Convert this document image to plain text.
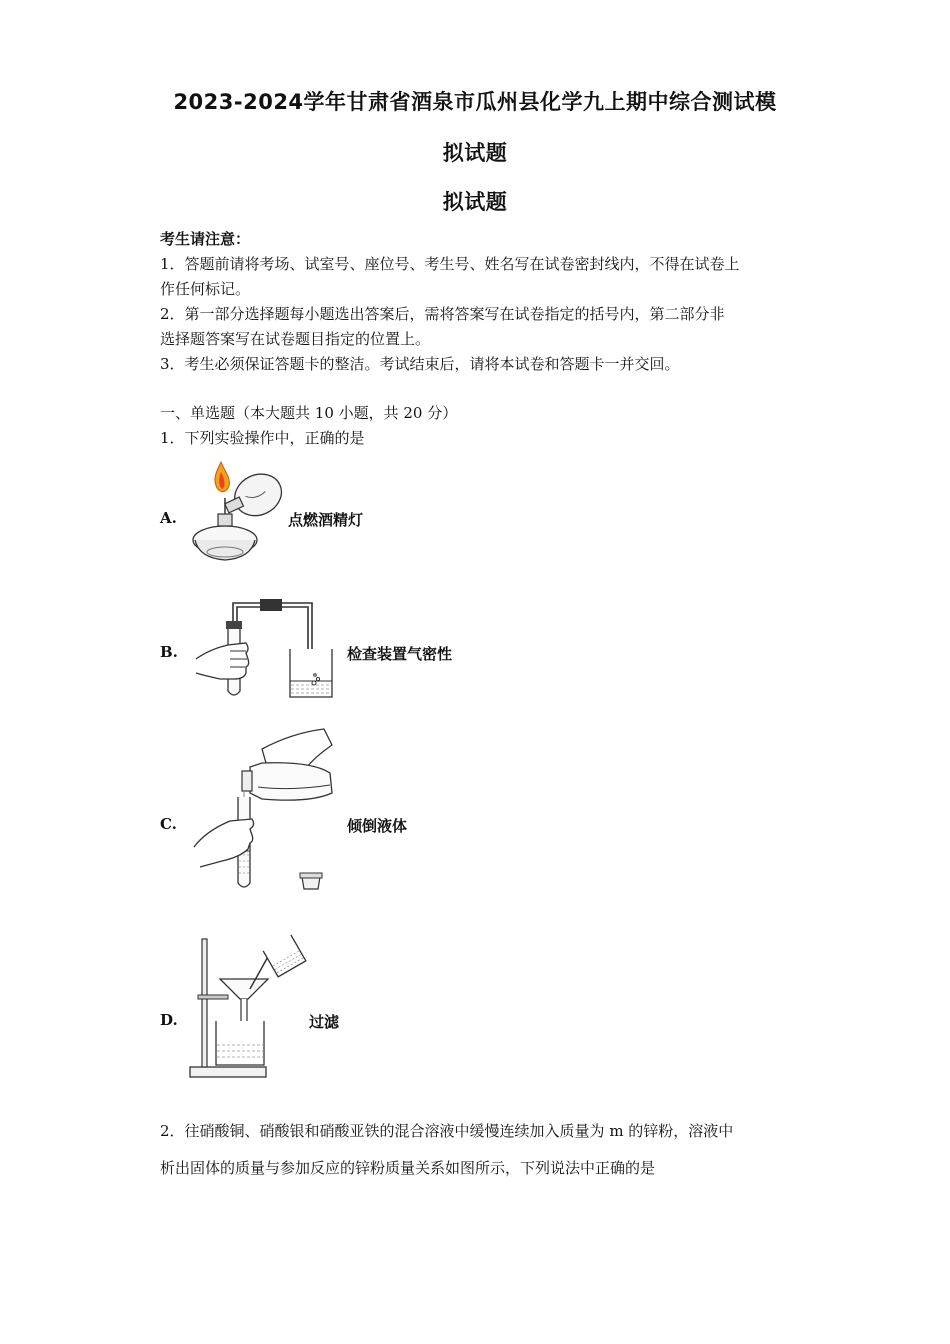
2023-2024学年甘肃省酒泉市瓜州县化学九上期中综合测试模
拟试题
拟试题
考生请注意：
1．答题前请将考场、试室号、座位号、考生号、姓名写在试卷密封线内，不得在试卷上
作任何标记。
2．第一部分选择题每小题选出答案后，需将答案写在试卷指定的括号内，第二部分非
选择题答案写在试卷题目指定的位置上。
3．考生必须保证答题卡的整洁。考试结束后，请将本试卷和答题卡一并交回。
一、单选题（本大题共 10 小题，共 20 分）
1．下列实验操作中，正确的是
A.	点燃酒精灯
B.	检查装置气密性
C.	倾倒液体
D.	过滤
2．往硝酸铜、硝酸银和硝酸亚铁的混合溶液中缓慢连续加入质量为 m 的锌粉，溶液中
析出固体的质量与参加反应的锌粉质量关系如图所示，下列说法中正确的是
